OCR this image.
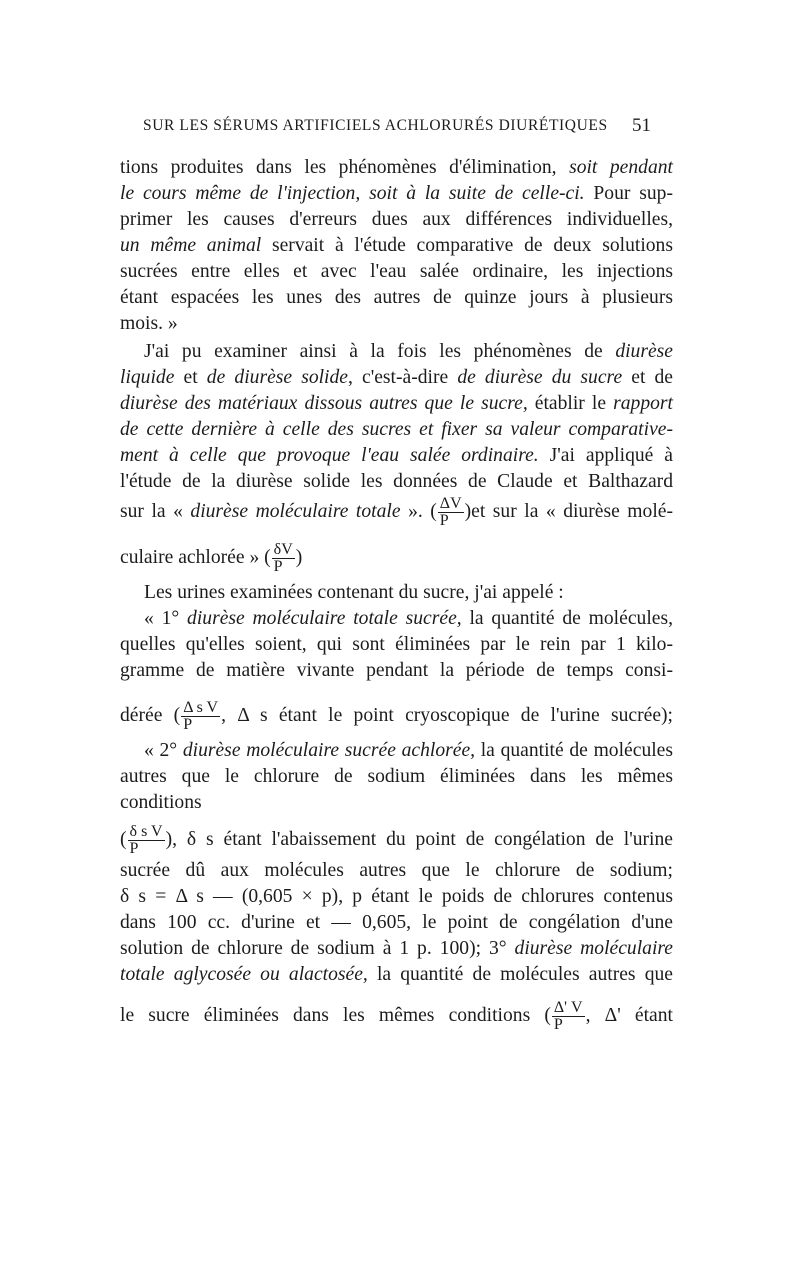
SUR LES SÉRUMS ARTIFICIELS ACHLORURÉS DIURÉTIQUES 51
tions produites dans les phénomènes d'élimination, soit pendant
le cours même de l'injection, soit à la suite de celle-ci. Pour sup-
primer les causes d'erreurs dues aux différences individuelles,
un même animal servait à l'étude comparative de deux solutions
sucrées entre elles et avec l'eau salée ordinaire, les injections
étant espacées les unes des autres de quinze jours à plusieurs
mois. »
J'ai pu examiner ainsi à la fois les phénomènes de diurèse
liquide et de diurèse solide, c'est-à-dire de diurèse du sucre et de
diurèse des matériaux dissous autres que le sucre, établir le rapport
de cette dernière à celle des sucres et fixer sa valeur comparative-
ment à celle que provoque l'eau salée ordinaire. J'ai appliqué à
l'étude de la diurèse solide les données de Claude et Balthazard
sur la « diurèse moléculaire totale ». ( $\frac{\Delta V}{P} )et$ sur la « diurèse molé-
culaire achlorée » ( $\frac{\delta V}{P}$ )
Les urines examinées contenant du sucre, j'ai appelé :
« 1° diurèse moléculaire totale sucrée, la quantité de molécules,
quelles qu'elles soient, qui sont éliminées par le rein par 1 kilo-
gramme de matière vivante pendant la période de temps consi-
dérée ( $\frac{\text{Δ s V}}{P}$ , Δ s étant le point cryoscopique de l'urine sucrée);
« 2° diurèse moléculaire sucrée achlorée, la quantité de molécules
autres que le chlorure de sodium éliminées dans les mêmes
conditions
( $\frac{\text{δ s V}}{P}$ ), δ s étant l'abaissement du point de congélation de l'urine
sucrée dû aux molécules autres que le chlorure de sodium;
δ s = Δ s — (0,605 × p), p étant le poids de chlorures contenus
dans 100 cc. d'urine et — 0,605, le point de congélation d'une
solution de chlorure de sodium à 1 p. 100); 3° diurèse moléculaire
totale aglycosée ou alactosée, la quantité de molécules autres que
le sucre éliminées dans les mêmes conditions ( $\frac{\Delta' V}{P}$ , Δ' étant
